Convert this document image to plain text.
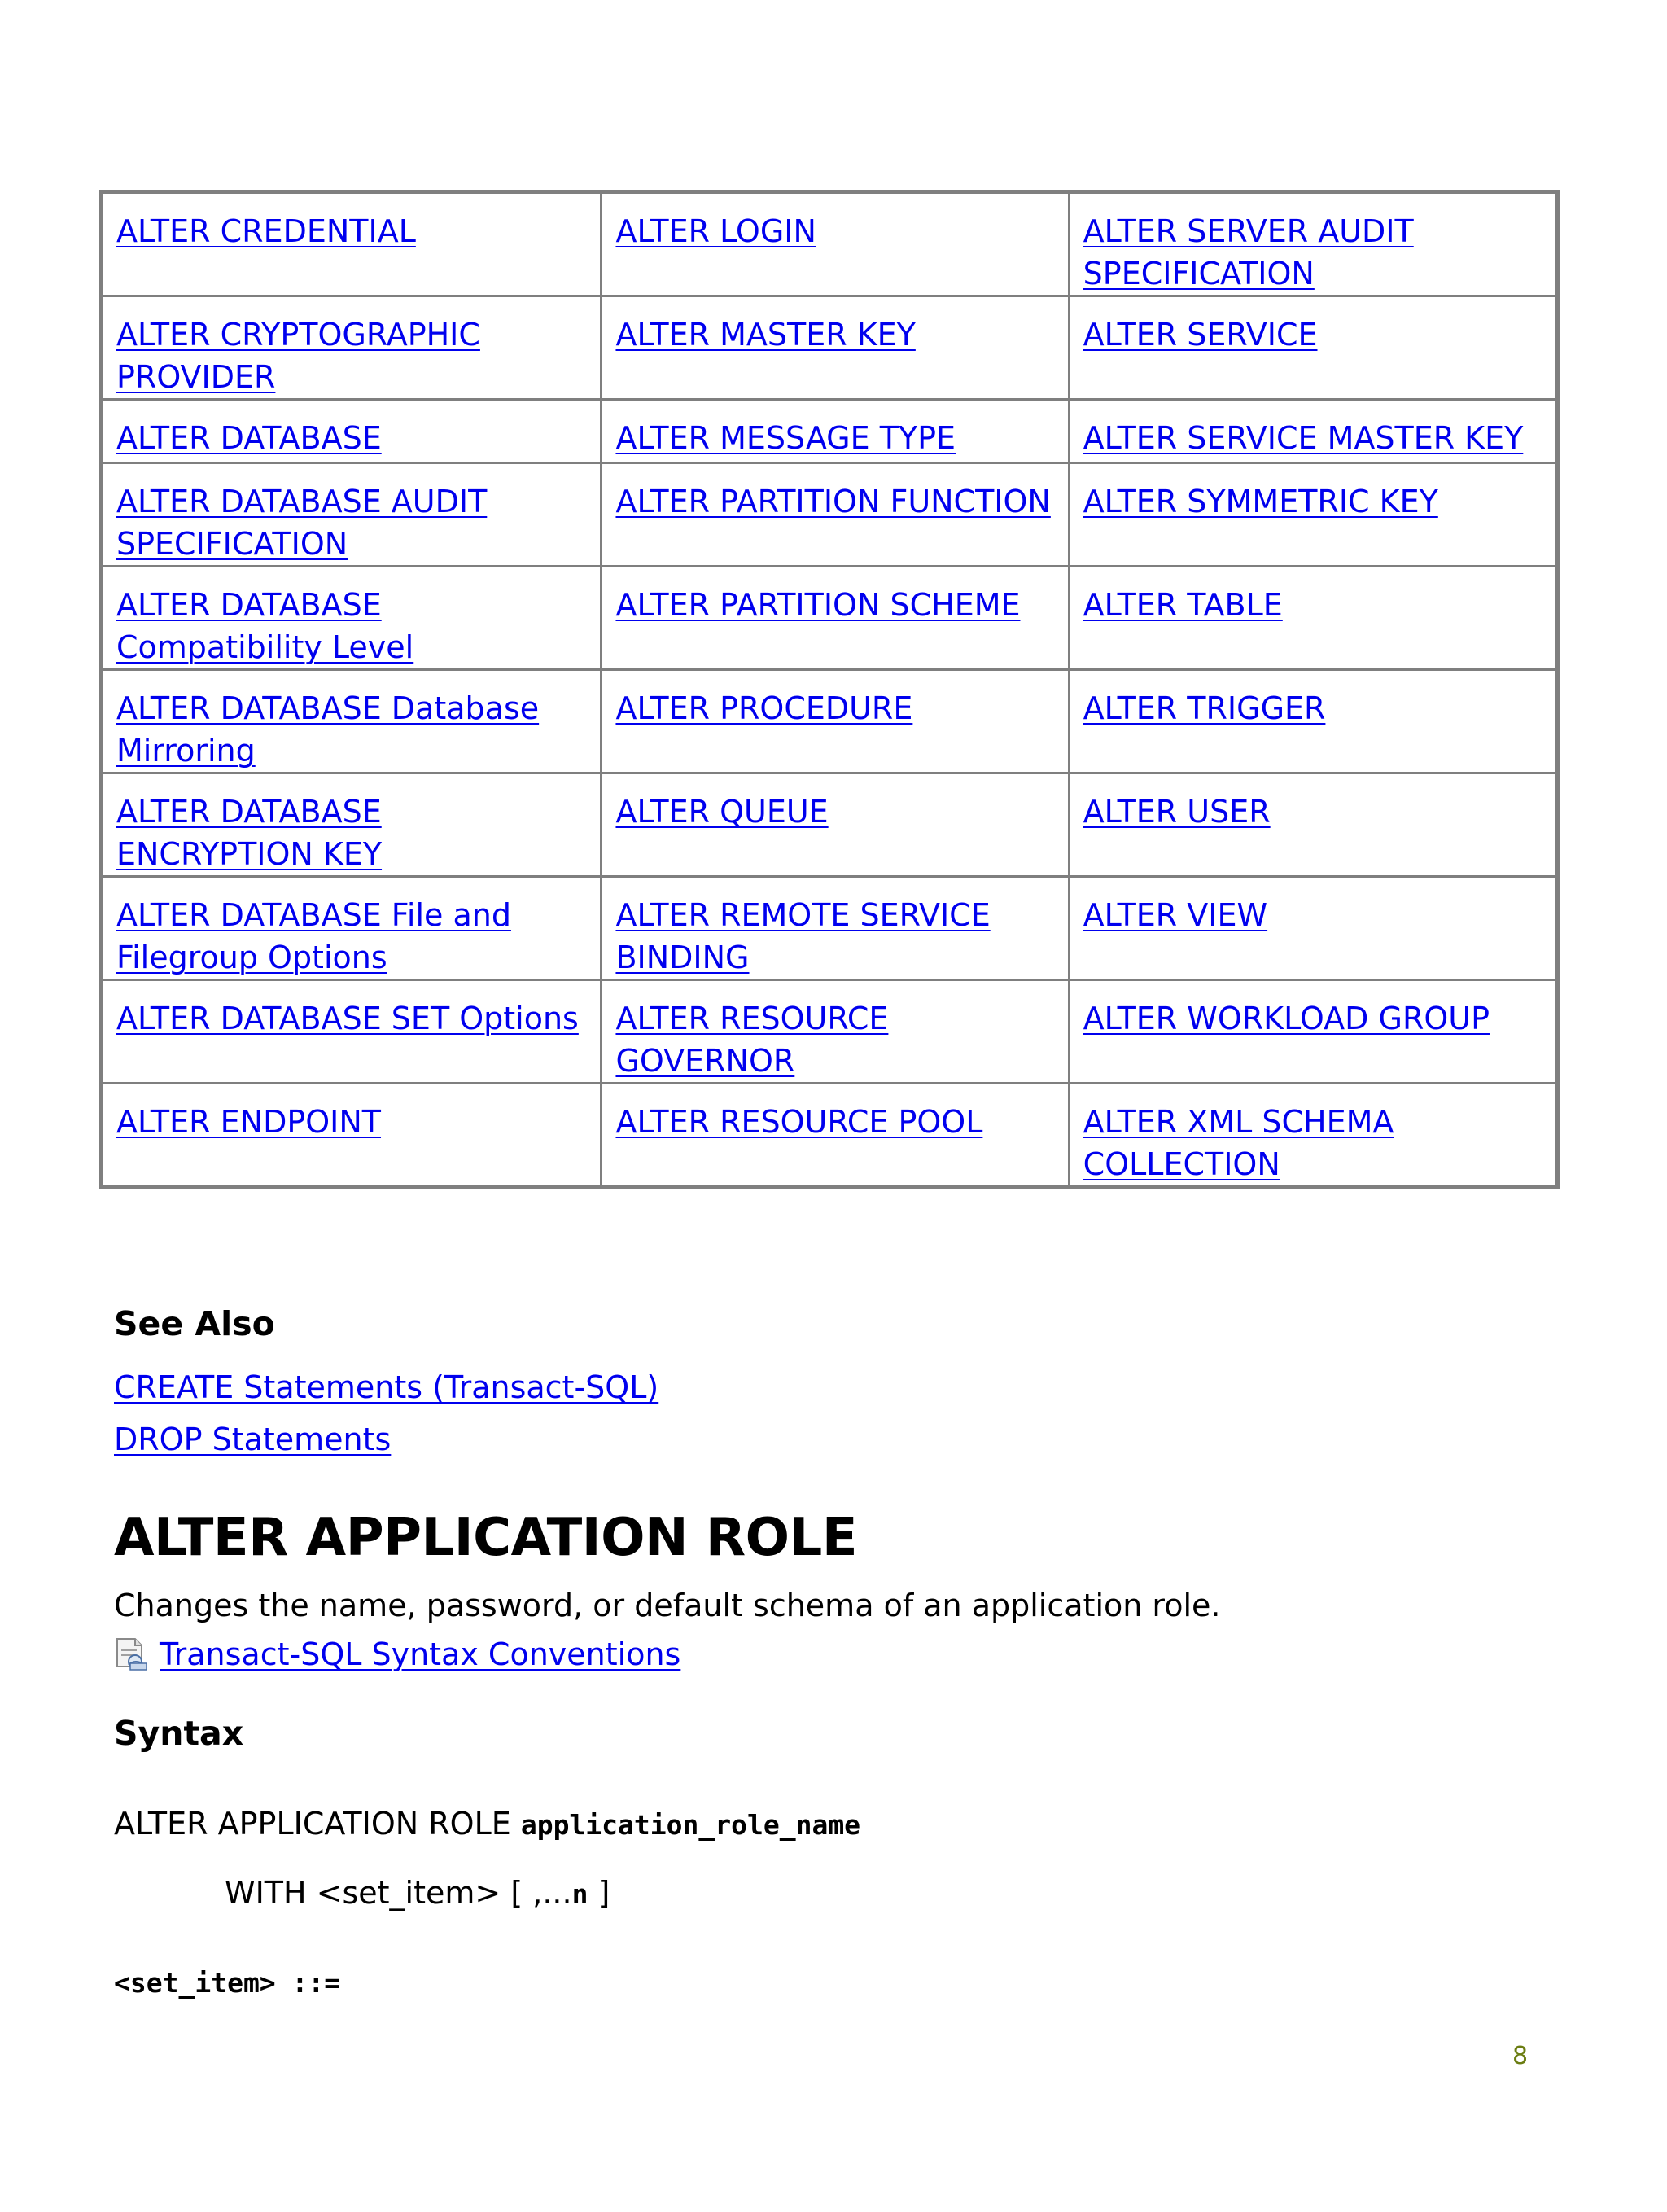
ALTER CREDENTIAL	ALTER LOGIN	ALTER SERVER AUDIT SPECIFICATION
ALTER CRYPTOGRAPHIC PROVIDER	ALTER MASTER KEY	ALTER SERVICE
ALTER DATABASE	ALTER MESSAGE TYPE	ALTER SERVICE MASTER KEY
ALTER DATABASE AUDIT SPECIFICATION	ALTER PARTITION FUNCTION	ALTER SYMMETRIC KEY
ALTER DATABASE Compatibility Level	ALTER PARTITION SCHEME	ALTER TABLE
ALTER DATABASE Database Mirroring	ALTER PROCEDURE	ALTER TRIGGER
ALTER DATABASE ENCRYPTION KEY	ALTER QUEUE	ALTER USER
ALTER DATABASE File and Filegroup Options	ALTER REMOTE SERVICE BINDING	ALTER VIEW
ALTER DATABASE SET Options	ALTER RESOURCE GOVERNOR	ALTER WORKLOAD GROUP
ALTER ENDPOINT	ALTER RESOURCE POOL	ALTER XML SCHEMA COLLECTION
See Also
CREATE Statements (Transact-SQL)
DROP Statements
ALTER APPLICATION ROLE

Changes the name, password, or default schema of an application role.

Transact-SQL Syntax Conventions
Syntax

ALTER APPLICATION ROLE application_role_name

WITH <set_item> [ ,...n ]

<set_item> ::=

8
